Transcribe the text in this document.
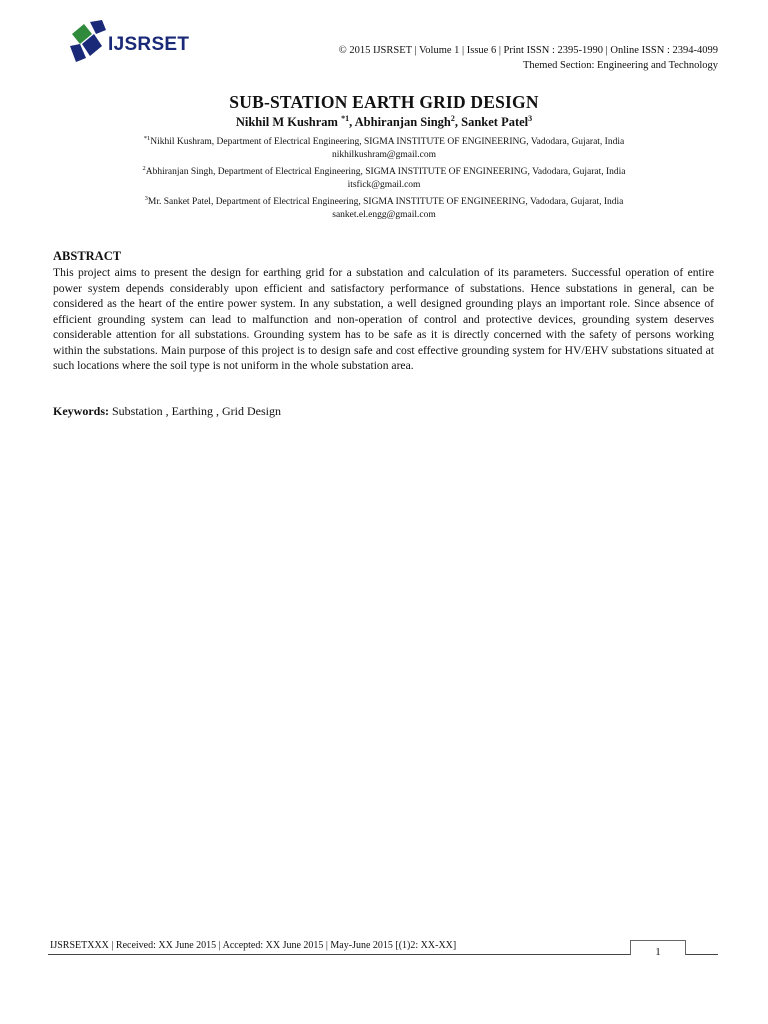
IJSRSET	© 2015 IJSRSET | Volume 1 | Issue 6 | Print ISSN : 2395-1990 | Online ISSN : 2394-4099
Themed Section: Engineering and Technology
SUB-STATION EARTH GRID DESIGN
Nikhil M Kushram $^{*1}$, Abhiranjan Singh$^2$, Sanket Patel$^3$
$^{*1}$Nikhil Kushram, Department of Electrical Engineering, SIGMA INSTITUTE OF ENGINEERING, Vadodara, Gujarat, India
nikhilkushram@gmail.com
$^2$Abhiranjan Singh, Department of Electrical Engineering, SIGMA INSTITUTE OF ENGINEERING, Vadodara, Gujarat, India
itsfick@gmail.com
$^3$Mr. Sanket Patel, Department of Electrical Engineering, SIGMA INSTITUTE OF ENGINEERING, Vadodara, Gujarat, India
sanket.el.engg@gmail.com
ABSTRACT
This project aims to present the design for earthing grid for a substation and calculation of its parameters. Successful operation of entire power system depends considerably upon efficient and satisfactory performance of substations. Hence substations in general, can be considered as the heart of the entire power system. In any substation, a well designed grounding plays an important role. Since absence of efficient grounding system can lead to malfunction and non-operation of control and protective devices, grounding system deserves considerable attention for all substations. Grounding system has to be safe as it is directly concerned with the safety of persons working within the substations. Main purpose of this project is to design safe and cost effective grounding system for HV/EHV substations situated at such locations where the soil type is not uniform in the whole substation area.
Keywords: Substation , Earthing , Grid Design
IJSRSETXXX | Received: XX June 2015 | Accepted: XX June 2015 | May-June 2015 [(1)2: XX-XX]
1
